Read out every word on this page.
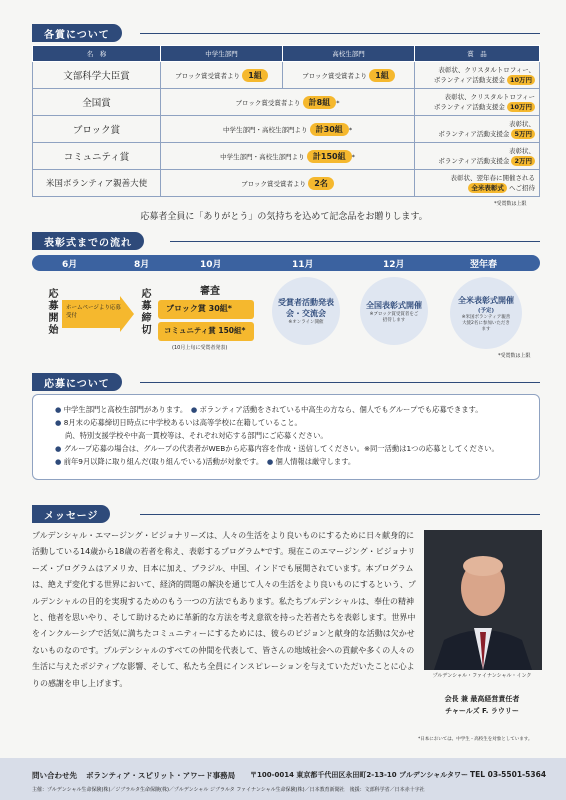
各賞について
名　称	中学生部門	高校生部門	賞　品
文部科学大臣賞	ブロック賞受賞者より 1組	ブロック賞受賞者より 1組	表彰状、クリスタルトロフィー、
ボランティア活動支援金 10万円
全国賞	ブロック賞受賞者より 計8組 *		表彰状、クリスタルトロフィー
ボランティア活動支援金 10万円
ブロック賞	中学生部門・高校生部門より 計30組 *		表彰状、
ボランティア活動支援金 5万円
コミュニティ賞	中学生部門・高校生部門より 計150組 *		表彰状、
ボランティア活動支援金 2万円
米国ボランティア親善大使	ブロック賞受賞者より 2名		表彰状、翌年春に開催される
全米表彰式 へご招待
*受賞数は上限
応募者全員に「ありがとう」の気持ちを込めて記念品をお贈りします。
表彰式までの流れ
6月	8月	10月	11月	12月	翌年春
応募開始	ホームページより応募受付	応募締切	審査
ブロック賞 30組*
コミュニティ賞 150組*
(10月上旬に受賞者発表)
受賞者活動発表会・交流会
※オンライン開催
全国表彰式開催
※ブロック賞受賞者をご招待します
全米表彰式開催
(予定)
※米国ボランティア親善大使2名に参加いただきます
*受賞数は上限
応募について
● 中学生部門と高校生部門があります。　 ● ボランティア活動をされている中高生の方なら、個人でもグループでも応募できます。
● 8月末の応募締切日時点に中学校あるいは高等学校に在籍していること。
尚、特別支援学校や中高一貫校等は、それぞれ対応する部門にご応募ください。
● グループ応募の場合は、グループの代表者がWEBから応募内容を作成・送信してください。※同一活動は1つの応募としてください。
● 前年9月以降に取り組んだ(取り組んでいる)活動が対象です。　 ● 個人情報は厳守します。
メッセージ
プルデンシャル・エマージング・ビジョナリーズは、人々の生活をより良いものにするために日々献身的に活動している14歳から18歳の若者を称え、表彰するプログラム*です。現在このエマージング・ビジョナリーズ・プログラムはアメリカ、日本に加え、ブラジル、中国、インドでも展開されています。本プログラムは、絶えず変化する世界において、経済的問題の解決を通じて人々の生活をより良いものにするという、プルデンシャルの目的を実現するためのもう一つの方法でもあります。私たちプルデンシャルは、奉仕の精神と、他者を思いやり、そして助けるために革新的な方法を考え意欲を持った若者たちを表彰します。世界中をインクルーシブで活気に満ちたコミュニティーにするためには、彼らのビジョンと献身的な活動は欠かせないものなのです。プルデンシャルのすべての仲間を代表して、皆さんの地域社会への貢献や多くの人々の生活に与えたポジティブな影響、そして、私たち全員にインスピレーションを与えていただいたことに心よりの感謝を申し上げます。
プルデンシャル・ファイナンシャル・インク
会長 兼 最高経営責任者
チャールズ F. ラウリー
*日本においては、中学生・高校生を対象としています。
問い合わせ先 ボランティア・スピリット・アワード事務局 〒100-0014 東京都千代田区永田町2-13-10 プルデンシャルタワー TEL 03-5501-5364
主催：プルデンシャル生命保険(株)／ジブラルタ生命保険(株)／プルデンシャル ジブラルタ ファイナンシャル生命保険(株)／日本教育新聞社　後援：文部科学省／日本赤十字社
